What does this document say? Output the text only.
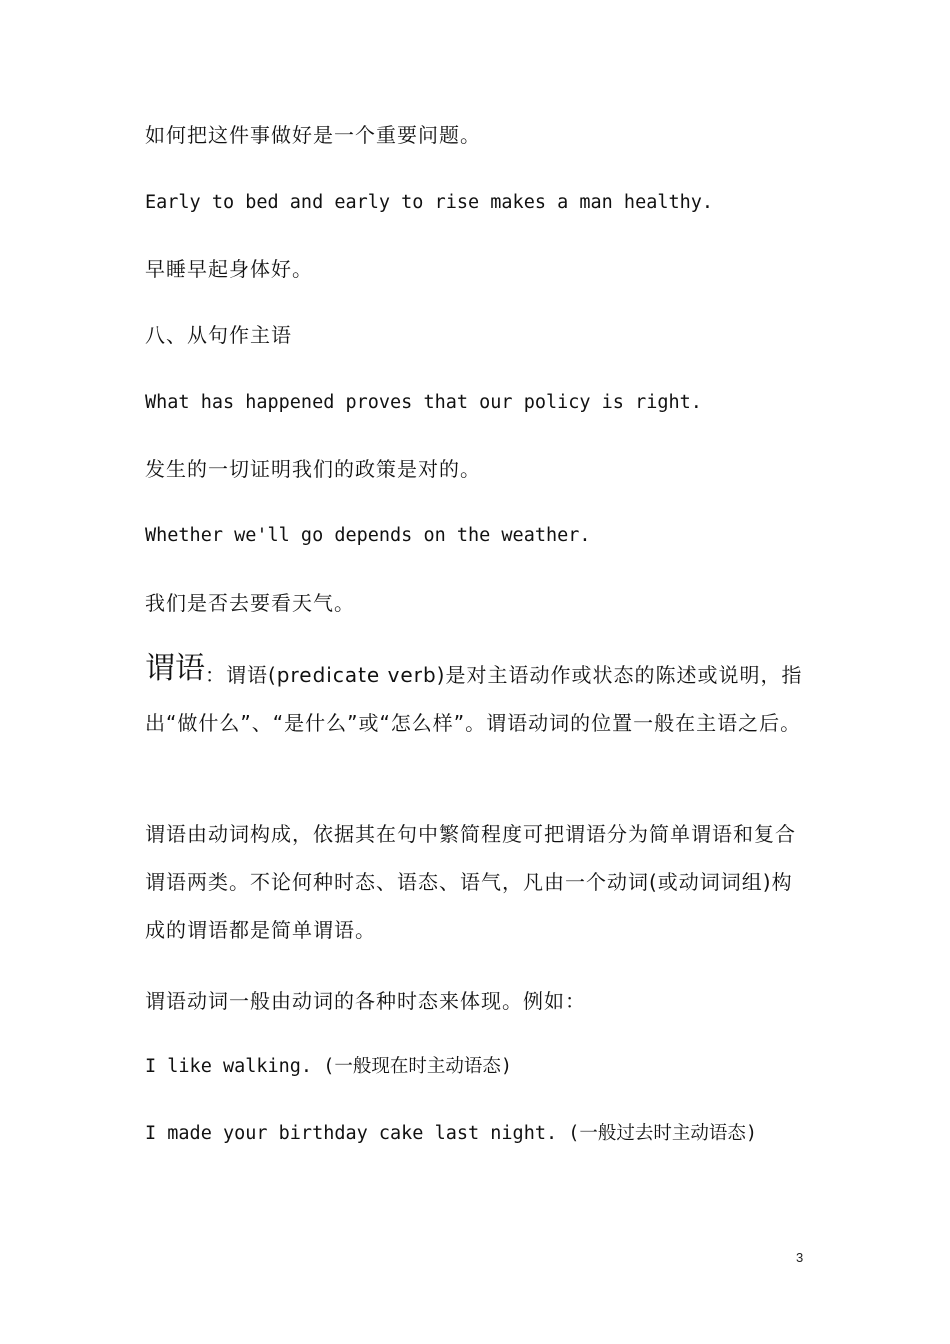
如何把这件事做好是一个重要问题。
Early to bed and early to rise makes a man healthy.
早睡早起身体好。
八、从句作主语
What has happened proves that our policy is right.
发生的一切证明我们的政策是对的。
Whether we'll go depends on the weather.
我们是否去要看天气。
谓语：谓语(predicate verb)是对主语动作或状态的陈述或说明，指出“做什么”、“是什么”或“怎么样”。谓语动词的位置一般在主语之后。
谓语由动词构成，依据其在句中繁简程度可把谓语分为简单谓语和复合谓语两类。不论何种时态、语态、语气，凡由一个动词(或动词词组)构成的谓语都是简单谓语。
谓语动词一般由动词的各种时态来体现。例如：
I like walking. (一般现在时主动语态)
I made your birthday cake last night. (一般过去时主动语态)
3
